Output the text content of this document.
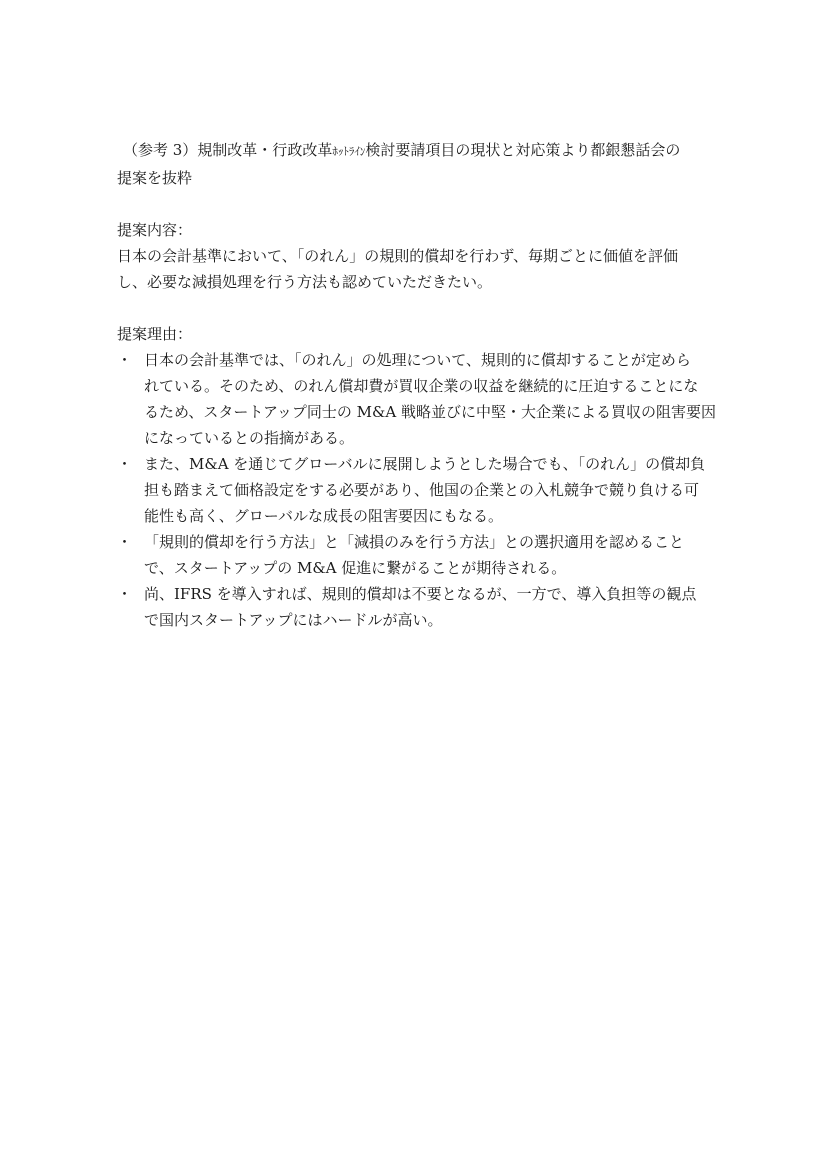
（参考 3）規制改革・行政改革ﾎｯﾄﾗｲﾝ検討要請項目の現状と対応策より都銀懇話会の

提案を抜粋

提案内容：

日本の会計基準において、「のれん」の規則的償却を行わず、毎期ごとに価値を評価

し、必要な減損処理を行う方法も認めていただきたい。

提案理由：

・ 日本の会計基準では、「のれん」の処理について、規則的に償却することが定めら
れている。そのため、のれん償却費が買収企業の収益を継続的に圧迫することにな
るため、スタートアップ同士の M&A 戦略並びに中堅・大企業による買収の阻害要因
になっているとの指摘がある。
・ また、M&A を通じてグローバルに展開しようとした場合でも、「のれん」の償却負
担も踏まえて価格設定をする必要があり、他国の企業との入札競争で競り負ける可
能性も高く、グローバルな成長の阻害要因にもなる。
・ 「規則的償却を行う方法」と「減損のみを行う方法」との選択適用を認めること
で、スタートアップの M&A 促進に繋がることが期待される。
・ 尚、IFRS を導入すれば、規則的償却は不要となるが、一方で、導入負担等の観点
で国内スタートアップにはハードルが高い。
